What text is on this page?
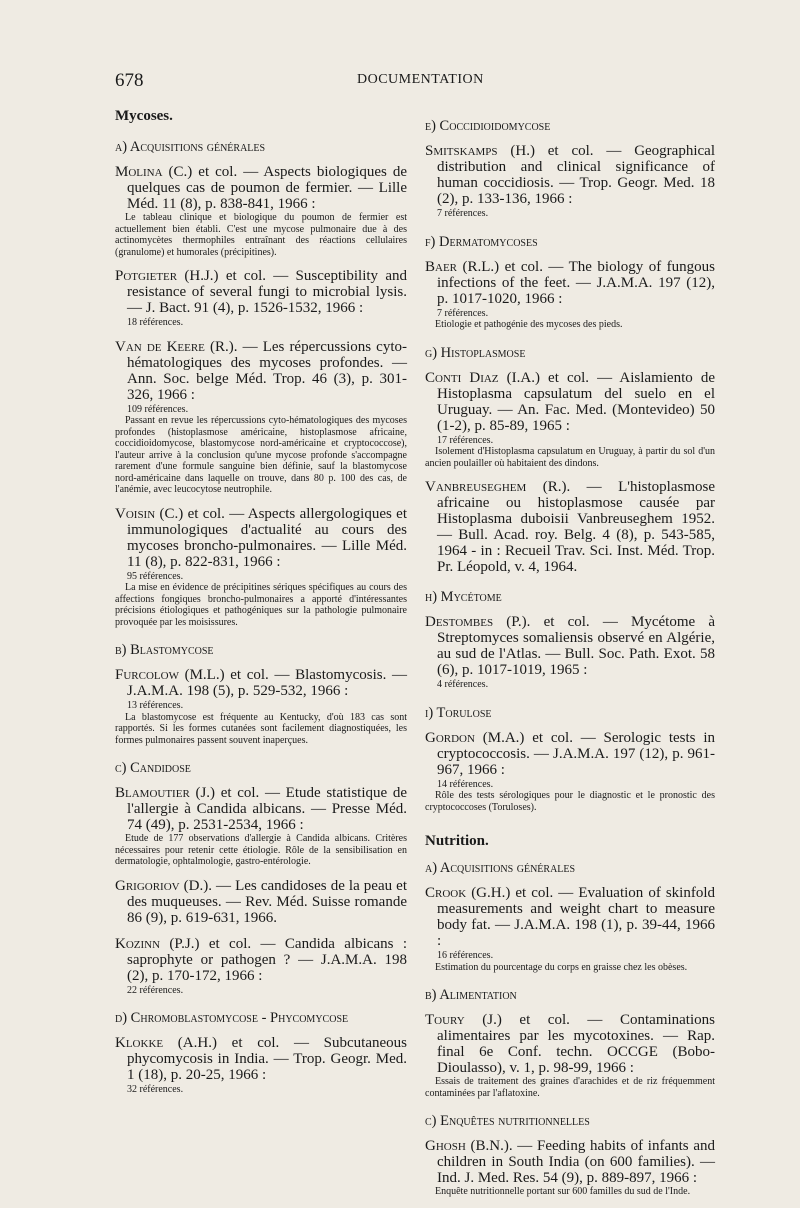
678	DOCUMENTATION
Mycoses.
a) Acquisitions générales

Molina (C.) et col. — Aspects biologiques de quelques cas de poumon de fermier. — Lille Méd. 11 (8), p. 838-841, 1966 :

Le tableau clinique et biologique du poumon de fermier est actuellement bien établi. C'est une mycose pulmonaire due à des actinomycètes thermophiles entraînant des réactions cellulaires (granulome) et humorales (précipitines).

Potgieter (H.J.) et col. — Susceptibility and resistance of several fungi to microbial lysis. — J. Bact. 91 (4), p. 1526-1532, 1966 :

18 références.

Van de Keere (R.). — Les répercussions cyto-hématologiques des mycoses profondes. — Ann. Soc. belge Méd. Trop. 46 (3), p. 301-326, 1966 :

109 références.

Passant en revue les répercussions cyto-hématologiques des mycoses profondes (histoplasmose américaine, histoplasmose africaine, coccidioidomycose, blastomycose nord-américaine et cryptococcose), l'auteur arrive à la conclusion qu'une mycose profonde s'accompagne rarement d'une formule sanguine bien définie, sauf la blastomycose nord-américaine dans laquelle on trouve, dans 80 p. 100 des cas, de l'anémie, avec leucocytose neutrophile.

Voisin (C.) et col. — Aspects allergologiques et immunologiques d'actualité au cours des mycoses broncho-pulmonaires. — Lille Méd. 11 (8), p. 822-831, 1966 :

95 références.

La mise en évidence de précipitines sériques spécifiques au cours des affections fongiques broncho-pulmonaires a apporté d'intéressantes précisions étiologiques et pathogéniques sur la pathologie pulmonaire provoquée par les moisissures.

b) Blastomycose

Furcolow (M.L.) et col. — Blastomycosis. — J.A.M.A. 198 (5), p. 529-532, 1966 :

13 références.

La blastomycose est fréquente au Kentucky, d'où 183 cas sont rapportés. Si les formes cutanées sont facilement diagnostiquées, les formes pulmonaires passent souvent inaperçues.

c) Candidose

Blamoutier (J.) et col. — Etude statistique de l'allergie à Candida albicans. — Presse Méd. 74 (49), p. 2531-2534, 1966 :

Etude de 177 observations d'allergie à Candida albicans. Critères nécessaires pour retenir cette étiologie. Rôle de la sensibilisation en dermatologie, ophtalmologie, gastro-entérologie.

Grigoriov (D.). — Les candidoses de la peau et des muqueuses. — Rev. Méd. Suisse romande 86 (9), p. 619-631, 1966.

Kozinn (P.J.) et col. — Candida albicans : saprophyte or pathogen ? — J.A.M.A. 198 (2), p. 170-172, 1966 :

22 références.
d) Chromoblastomycose - Phycomycose

Klokke (A.H.) et col. — Subcutaneous phycomycosis in India. — Trop. Geogr. Med. 1 (18), p. 20-25, 1966 :

32 références.
e) Coccidioidomycose

Smitskamps (H.) et col. — Geographical distribution and clinical significance of human coccidiosis. — Trop. Geogr. Med. 18 (2), p. 133-136, 1966 :

7 références.
f) Dermatomycoses

Baer (R.L.) et col. — The biology of fungous infections of the feet. — J.A.M.A. 197 (12), p. 1017-1020, 1966 :

7 références.

Etiologie et pathogénie des mycoses des pieds.

g) Histoplasmose

Conti Diaz (I.A.) et col. — Aislamiento de Histoplasma capsulatum del suelo en el Uruguay. — An. Fac. Med. (Montevideo) 50 (1-2), p. 85-89, 1965 :

17 références.

Isolement d'Histoplasma capsulatum en Uruguay, à partir du sol d'un ancien poulailler où habitaient des dindons.

Vanbreuseghem (R.). — L'histoplasmose africaine ou histoplasmose causée par Histoplasma duboisii Vanbreuseghem 1952. — Bull. Acad. roy. Belg. 4 (8), p. 543-585, 1964 - in : Recueil Trav. Sci. Inst. Méd. Trop. Pr. Léopold, v. 4, 1964.

h) Mycétome

Destombes (P.). et col. — Mycétome à Streptomyces somaliensis observé en Algérie, au sud de l'Atlas. — Bull. Soc. Path. Exot. 58 (6), p. 1017-1019, 1965 :

4 références.
i) Torulose

Gordon (M.A.) et col. — Serologic tests in cryptococcosis. — J.A.M.A. 197 (12), p. 961-967, 1966 :

14 références.

Rôle des tests sérologiques pour le diagnostic et le pronostic des cryptococcoses (Toruloses).

Nutrition.
a) Acquisitions générales

Crook (G.H.) et col. — Evaluation of skinfold measurements and weight chart to measure body fat. — J.A.M.A. 198 (1), p. 39-44, 1966 :

16 références.

Estimation du pourcentage du corps en graisse chez les obèses.

b) Alimentation

Toury (J.) et col. — Contaminations alimentaires par les mycotoxines. — Rap. final 6e Conf. techn. OCCGE (Bobo-Dioulasso), v. 1, p. 98-99, 1966 :

Essais de traitement des graines d'arachides et de riz fréquemment contaminées par l'aflatoxine.

c) Enquêtes nutritionnelles

Ghosh (B.N.). — Feeding habits of infants and children in South India (on 600 families). — Ind. J. Med. Res. 54 (9), p. 889-897, 1966 :

Enquête nutritionnelle portant sur 600 familles du sud de l'Inde.
